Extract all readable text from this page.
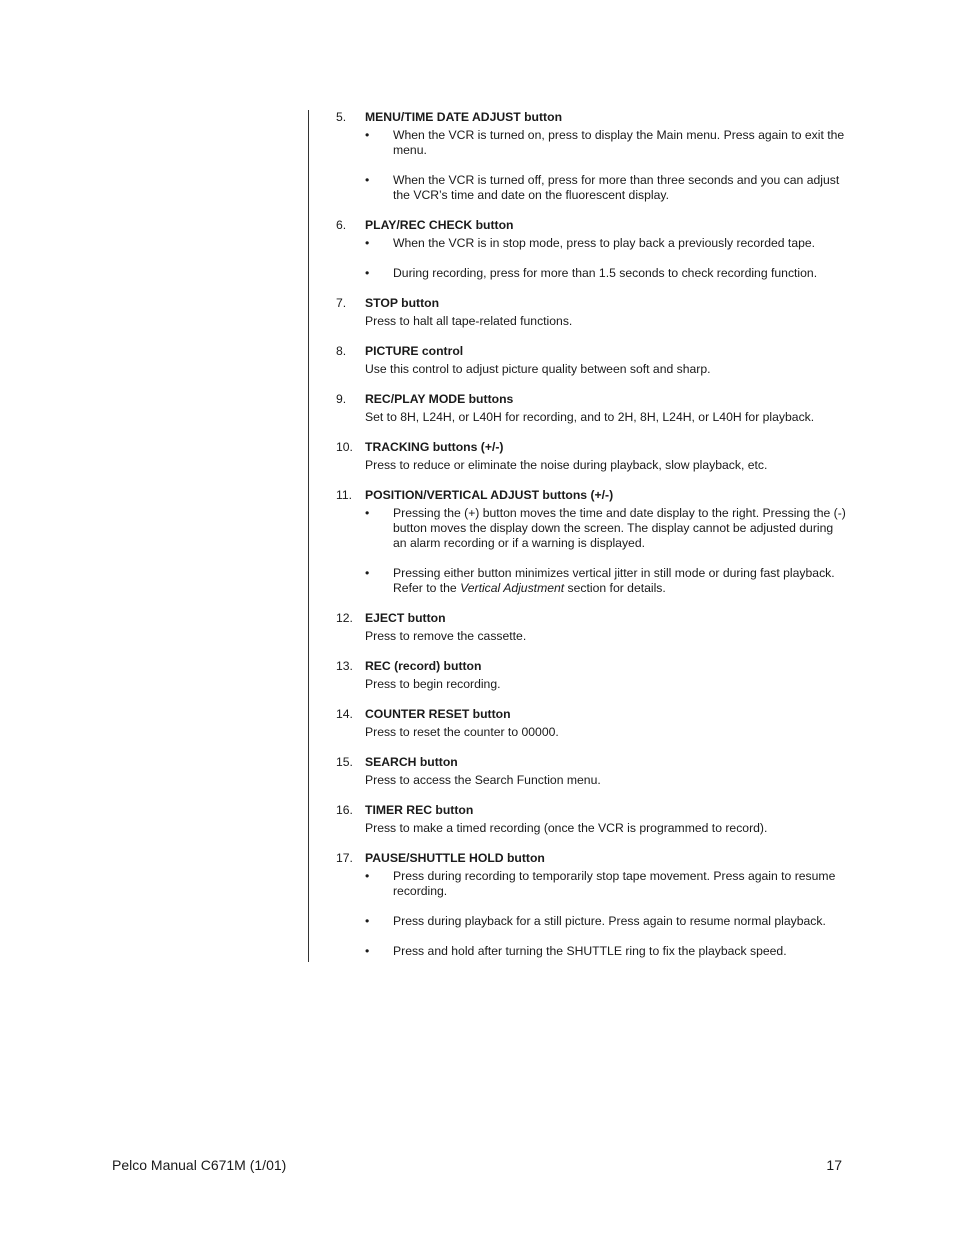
5.	MENU/TIME DATE ADJUST button
•	When the VCR is turned on, press to display the Main menu. Press again to exit the menu.
•	When the VCR is turned off, press for more than three seconds and you can adjust the VCR’s time and date on the fluorescent display.
6.	PLAY/REC CHECK button
•	When the VCR is in stop mode, press to play back a previously recorded tape.
•	During recording, press for more than 1.5 seconds to check recording function.
7.	STOP button
Press to halt all tape-related functions.
8.	PICTURE control
Use this control to adjust picture quality between soft and sharp.
9.	REC/PLAY MODE buttons
Set to 8H, L24H, or L40H for recording, and to 2H, 8H, L24H, or L40H for playback.
10. TRACKING buttons (+/-)
Press to reduce or eliminate the noise during playback, slow playback, etc.
11.	POSITION/VERTICAL ADJUST buttons (+/-)
•	Pressing the (+) button moves the time and date display to the right. Pressing the (-) button moves the display down the screen. The display cannot be adjusted during an alarm recording or if a warning is displayed.
•	Pressing either button minimizes vertical jitter in still mode or during fast playback. Refer to the Vertical Adjustment section for details.
12. EJECT button
Press to remove the cassette.
13. REC (record) button
Press to begin recording.
14. COUNTER RESET button
Press to reset the counter to 00000.
15. SEARCH button
Press to access the Search Function menu.
16. TIMER REC button
Press to make a timed recording (once the VCR is programmed to record).
17. PAUSE/SHUTTLE HOLD button
•	Press during recording to temporarily stop tape movement. Press again to resume recording.
•	Press during playback for a still picture. Press again to resume normal playback.
•	Press and hold after turning the SHUTTLE ring to fix the playback speed.
Pelco Manual C671M (1/01)	17
